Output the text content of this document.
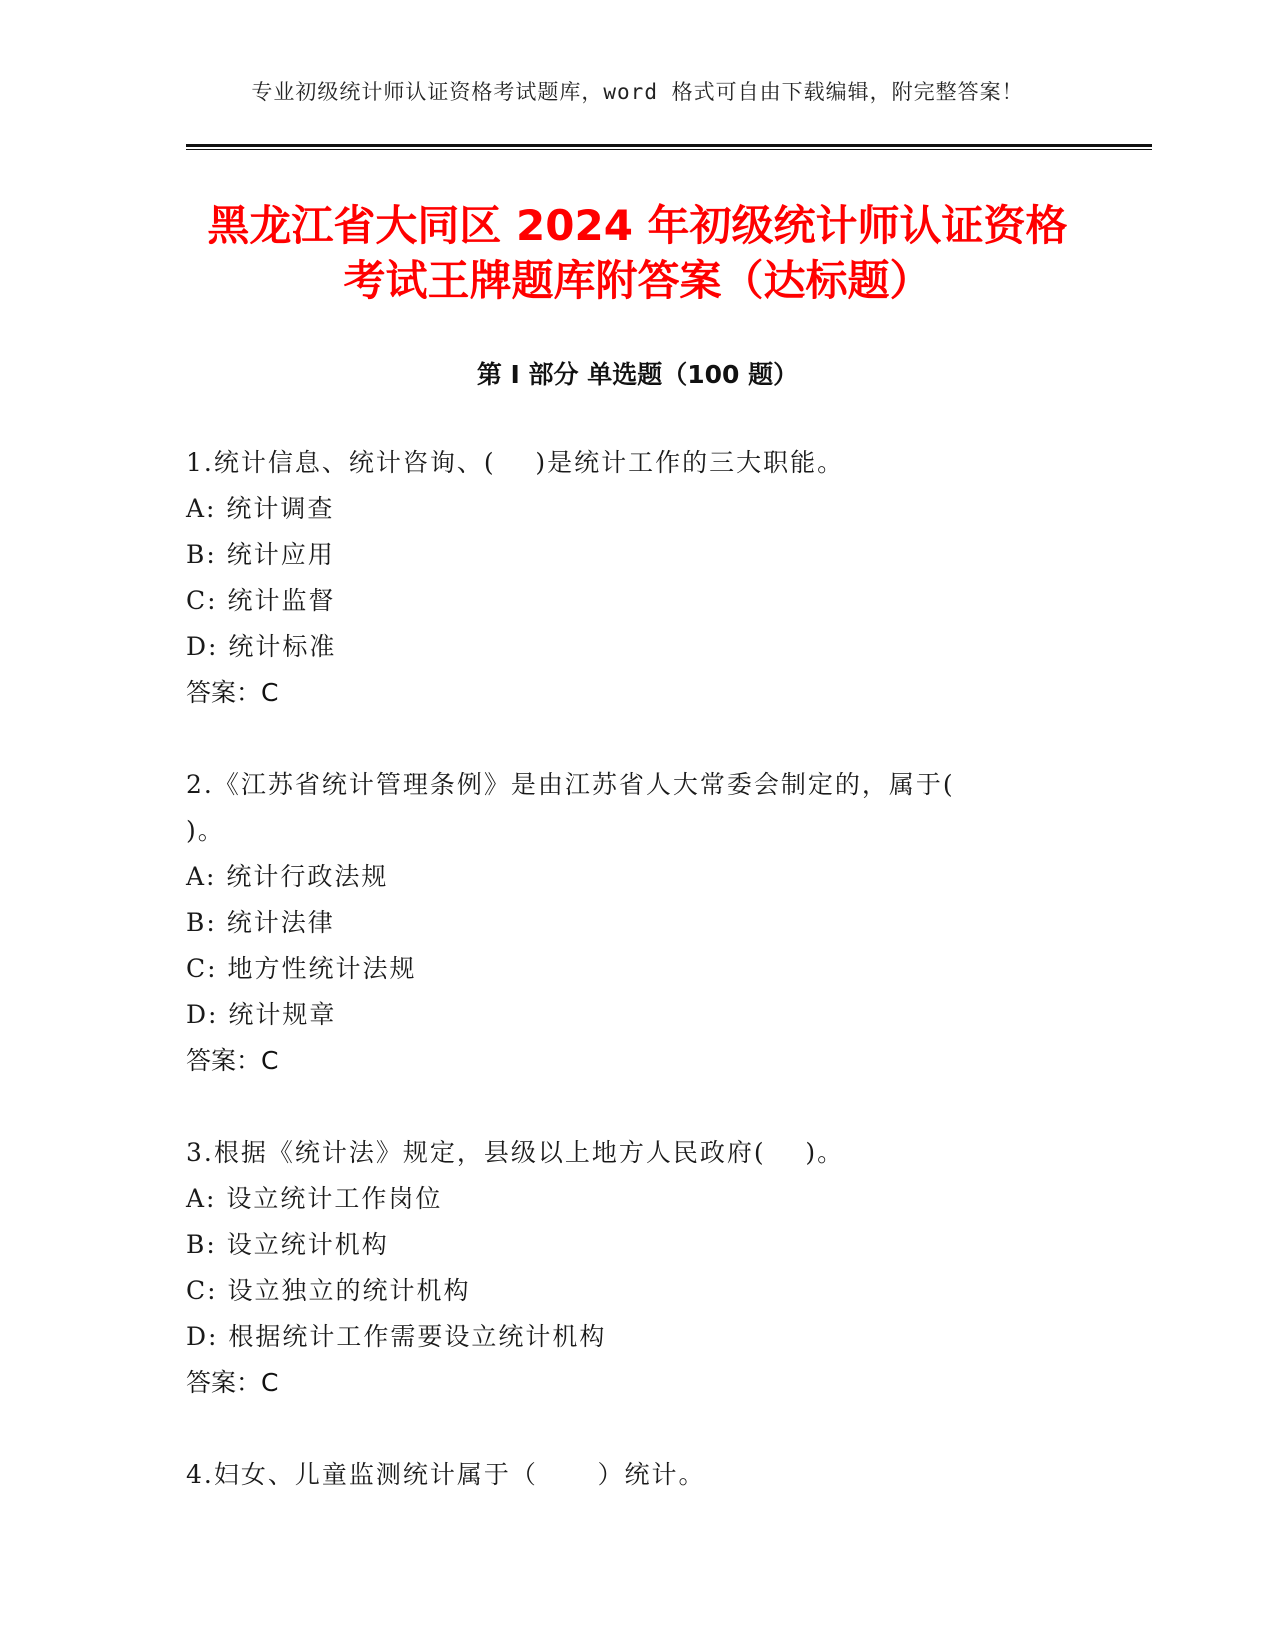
专业初级统计师认证资格考试题库，word 格式可自由下载编辑，附完整答案！
黑龙江省大同区 2024 年初级统计师认证资格
考试王牌题库附答案（达标题）
第 I 部分 单选题（100 题）
1.统计信息、统计咨询、(    )是统计工作的三大职能。
A: 统计调查
B: 统计应用
C: 统计监督
D: 统计标准
答案：C
2.《江苏省统计管理条例》是由江苏省人大常委会制定的，属于(
)。
A: 统计行政法规
B: 统计法律
C: 地方性统计法规
D: 统计规章
答案：C
3.根据《统计法》规定，县级以上地方人民政府(    )。
A: 设立统计工作岗位
B: 设立统计机构
C: 设立独立的统计机构
D: 根据统计工作需要设立统计机构
答案：C
4.妇女、儿童监测统计属于（      ）统计。
